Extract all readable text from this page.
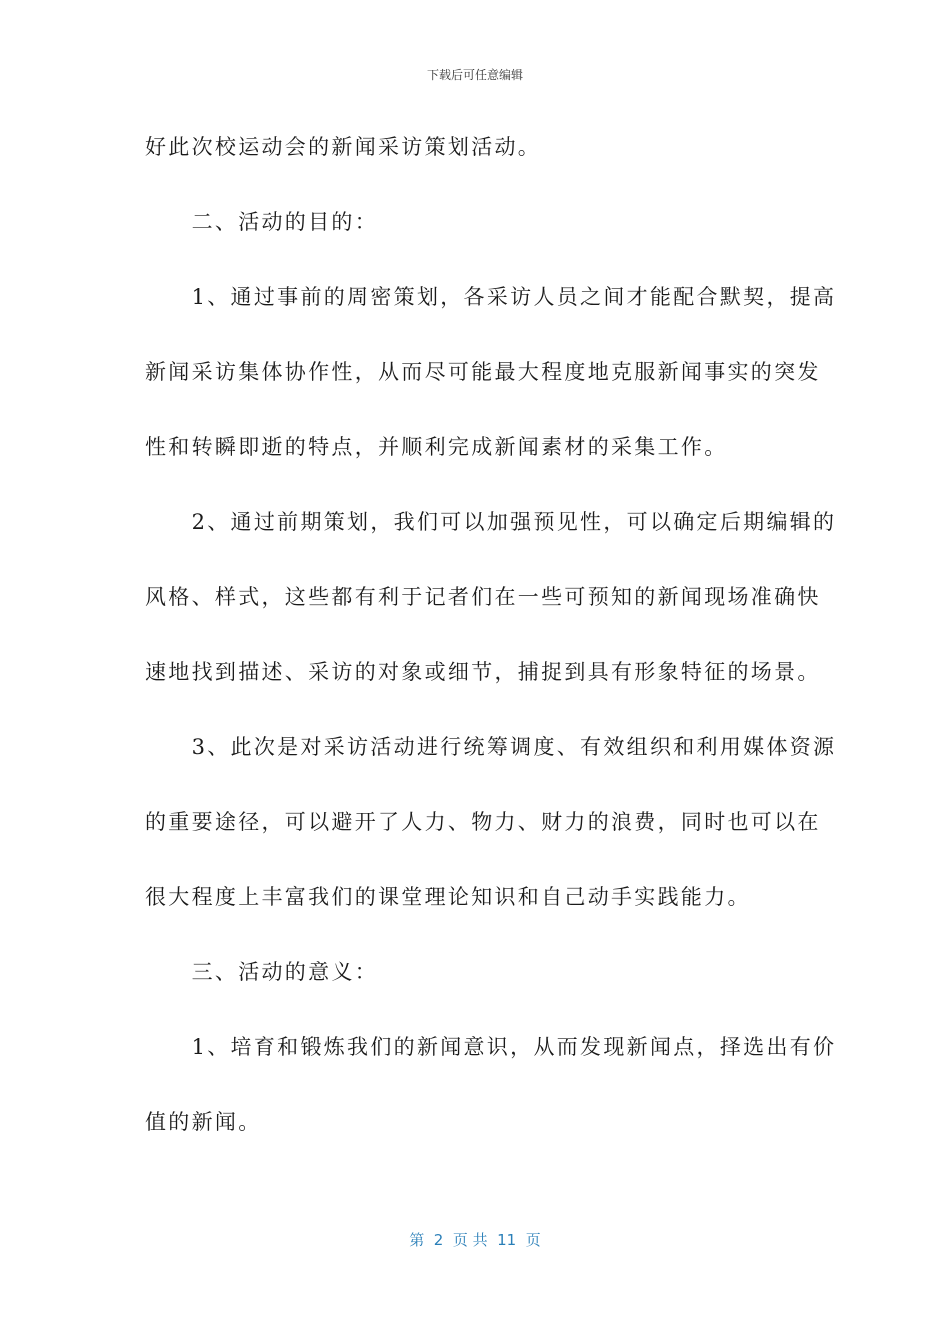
下载后可任意编辑
好此次校运动会的新闻采访策划活动。
　　二、活动的目的：
　　1、通过事前的周密策划，各采访人员之间才能配合默契，提高
新闻采访集体协作性，从而尽可能最大程度地克服新闻事实的突发
性和转瞬即逝的特点，并顺利完成新闻素材的采集工作。
　　2、通过前期策划，我们可以加强预见性，可以确定后期编辑的
风格、样式，这些都有利于记者们在一些可预知的新闻现场准确快
速地找到描述、采访的对象或细节，捕捉到具有形象特征的场景。
　　3、此次是对采访活动进行统筹调度、有效组织和利用媒体资源
的重要途径，可以避开了人力、物力、财力的浪费，同时也可以在
很大程度上丰富我们的课堂理论知识和自己动手实践能力。
　　三、活动的意义：
　　1、培育和锻炼我们的新闻意识，从而发现新闻点，择选出有价
值的新闻。
第  2  页 共  11  页
